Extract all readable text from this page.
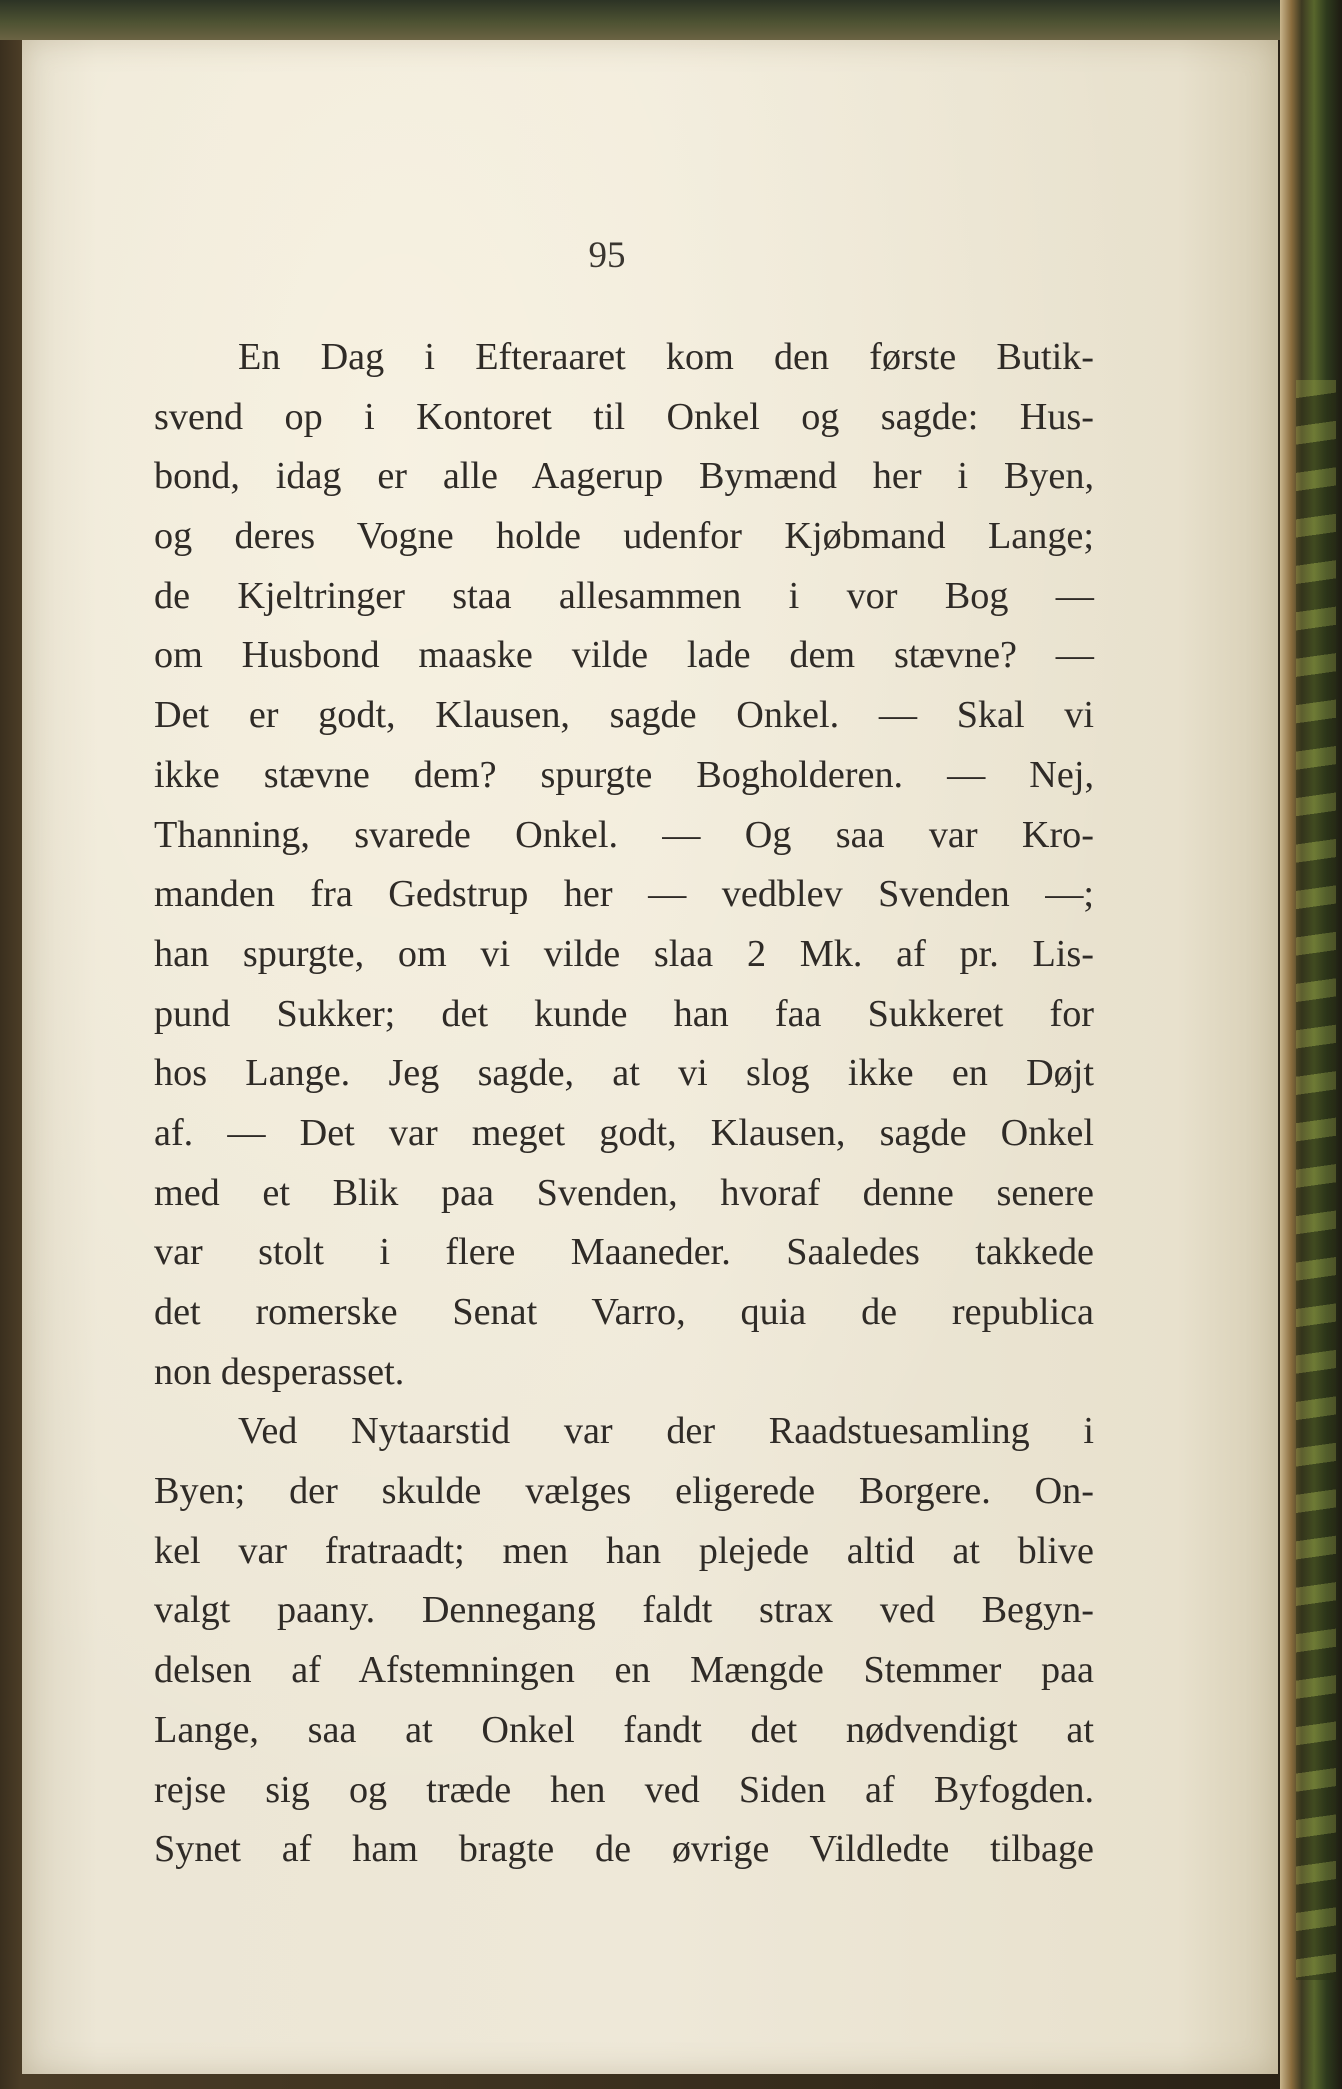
95
En Dag i Efteraaret kom den første Butik-
svend op i Kontoret til Onkel og sagde: Hus-
bond, idag er alle Aagerup Bymænd her i Byen,
og deres Vogne holde udenfor Kjøbmand Lange;
de Kjeltringer staa allesammen i vor Bog —
om Husbond maaske vilde lade dem stævne? —
Det er godt, Klausen, sagde Onkel. — Skal vi
ikke stævne dem? spurgte Bogholderen. — Nej,
Thanning, svarede Onkel. — Og saa var Kro-
manden fra Gedstrup her — vedblev Svenden —;
han spurgte, om vi vilde slaa 2 Mk. af pr. Lis-
pund Sukker; det kunde han faa Sukkeret for
hos Lange. Jeg sagde, at vi slog ikke en Døjt
af. — Det var meget godt, Klausen, sagde Onkel
med et Blik paa Svenden, hvoraf denne senere
var stolt i flere Maaneder. Saaledes takkede
det romerske Senat Varro, quia de republica
non desperasset.
Ved Nytaarstid var der Raadstuesamling i
Byen; der skulde vælges eligerede Borgere. On-
kel var fratraadt; men han plejede altid at blive
valgt paany. Dennegang faldt strax ved Begyn-
delsen af Afstemningen en Mængde Stemmer paa
Lange, saa at Onkel fandt det nødvendigt at
rejse sig og træde hen ved Siden af Byfogden.
Synet af ham bragte de øvrige Vildledte tilbage
